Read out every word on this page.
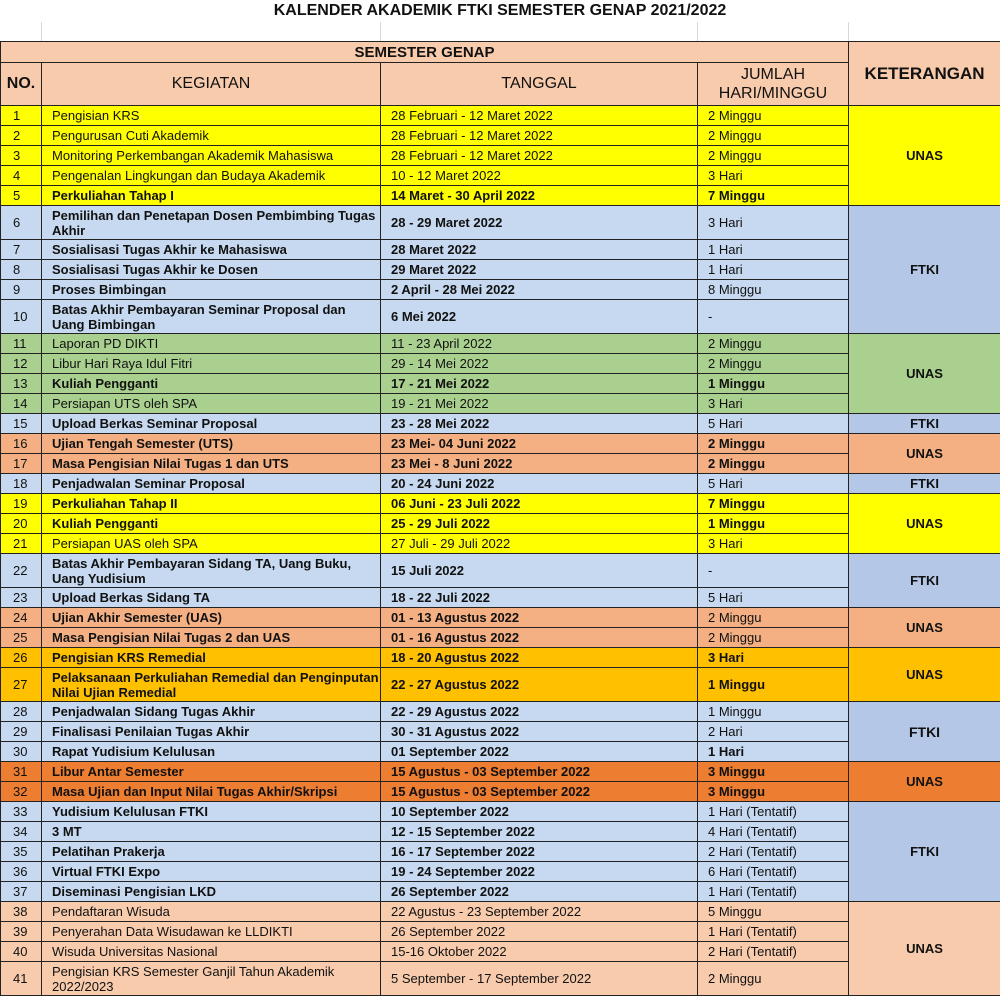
KALENDER AKADEMIK FTKI SEMESTER GENAP 2021/2022
SEMESTER GENAP				KETERANGAN
NO.	KEGIATAN	TANGGAL	JUMLAH HARI/MINGGU	
1	Pengisian KRS	28 Februari - 12 Maret 2022	2 Minggu	UNAS
2	Pengurusan Cuti Akademik	28 Februari - 12 Maret 2022	2 Minggu	
3	Monitoring Perkembangan Akademik Mahasiswa	28 Februari - 12 Maret 2022	2 Minggu	
4	Pengenalan Lingkungan dan Budaya Akademik	10 - 12 Maret 2022	3 Hari	
5	Perkuliahan Tahap I	14 Maret - 30 April 2022	7 Minggu	
6	Pemilihan dan Penetapan Dosen Pembimbing Tugas Akhir	28 - 29 Maret 2022	3 Hari	FTKI
7	Sosialisasi Tugas Akhir ke Mahasiswa	28 Maret 2022	1 Hari	
8	Sosialisasi Tugas Akhir ke Dosen	29 Maret 2022	1 Hari	
9	Proses Bimbingan	2 April - 28 Mei 2022	8 Minggu	
10	Batas Akhir Pembayaran Seminar Proposal dan Uang Bimbingan	6 Mei 2022	-	
11	Laporan PD DIKTI	11 - 23 April 2022	2 Minggu	UNAS
12	Libur Hari Raya Idul Fitri	29 - 14 Mei 2022	2 Minggu	
13	Kuliah Pengganti	17 - 21 Mei 2022	1 Minggu	
14	Persiapan UTS oleh SPA	19 - 21 Mei 2022	3 Hari	
15	Upload Berkas Seminar Proposal	23 - 28 Mei 2022	5 Hari	FTKI
16	Ujian Tengah Semester (UTS)	23 Mei- 04 Juni 2022	2 Minggu	UNAS
17	Masa Pengisian Nilai Tugas 1 dan UTS	23 Mei - 8 Juni 2022	2 Minggu	
18	Penjadwalan Seminar Proposal	20 - 24 Juni 2022	5 Hari	FTKI
19	Perkuliahan Tahap II	06 Juni - 23 Juli 2022	7 Minggu	UNAS
20	Kuliah Pengganti	25 - 29 Juli 2022	1 Minggu	
21	Persiapan UAS oleh SPA	27 Juli - 29 Juli 2022	3 Hari	
22	Batas Akhir Pembayaran Sidang TA, Uang Buku, Uang Yudisium	15 Juli 2022	-	FTKI
23	Upload Berkas Sidang TA	18 - 22 Juli 2022	5 Hari	
24	Ujian Akhir Semester (UAS)	01 - 13 Agustus 2022	2 Minggu	UNAS
25	Masa Pengisian Nilai Tugas 2 dan UAS	01 - 16 Agustus 2022	2 Minggu	
26	Pengisian KRS Remedial	18 - 20 Agustus 2022	3 Hari	UNAS
27	Pelaksanaan Perkuliahan Remedial dan Penginputan Nilai Ujian Remedial	22 - 27 Agustus 2022	1 Minggu	
28	Penjadwalan Sidang Tugas Akhir	22 - 29 Agustus 2022	1 Minggu	FTKI
29	Finalisasi Penilaian Tugas Akhir	30 - 31 Agustus 2022	2 Hari	
30	Rapat Yudisium Kelulusan	01 September 2022	1 Hari	
31	Libur Antar Semester	15 Agustus - 03 September 2022	3 Minggu	UNAS
32	Masa Ujian dan Input Nilai Tugas Akhir/Skripsi	15 Agustus - 03 September 2022	3 Minggu	
33	Yudisium Kelulusan FTKI	10 September 2022	1 Hari (Tentatif)	FTKI
34	3 MT	12 - 15 September 2022	4 Hari (Tentatif)	
35	Pelatihan Prakerja	16 - 17 September 2022	2 Hari (Tentatif)	
36	Virtual FTKI Expo	19 - 24 September 2022	6 Hari (Tentatif)	
37	Diseminasi Pengisian LKD	26 September 2022	1 Hari (Tentatif)	
38	Pendaftaran Wisuda	22 Agustus - 23 September 2022	5 Minggu	UNAS
39	Penyerahan Data Wisudawan ke LLDIKTI	26 September 2022	1 Hari (Tentatif)	
40	Wisuda Universitas Nasional	15-16 Oktober 2022	2 Hari (Tentatif)	
41	Pengisian KRS Semester Ganjil Tahun Akademik 2022/2023	5 September - 17 September 2022	2 Minggu	
